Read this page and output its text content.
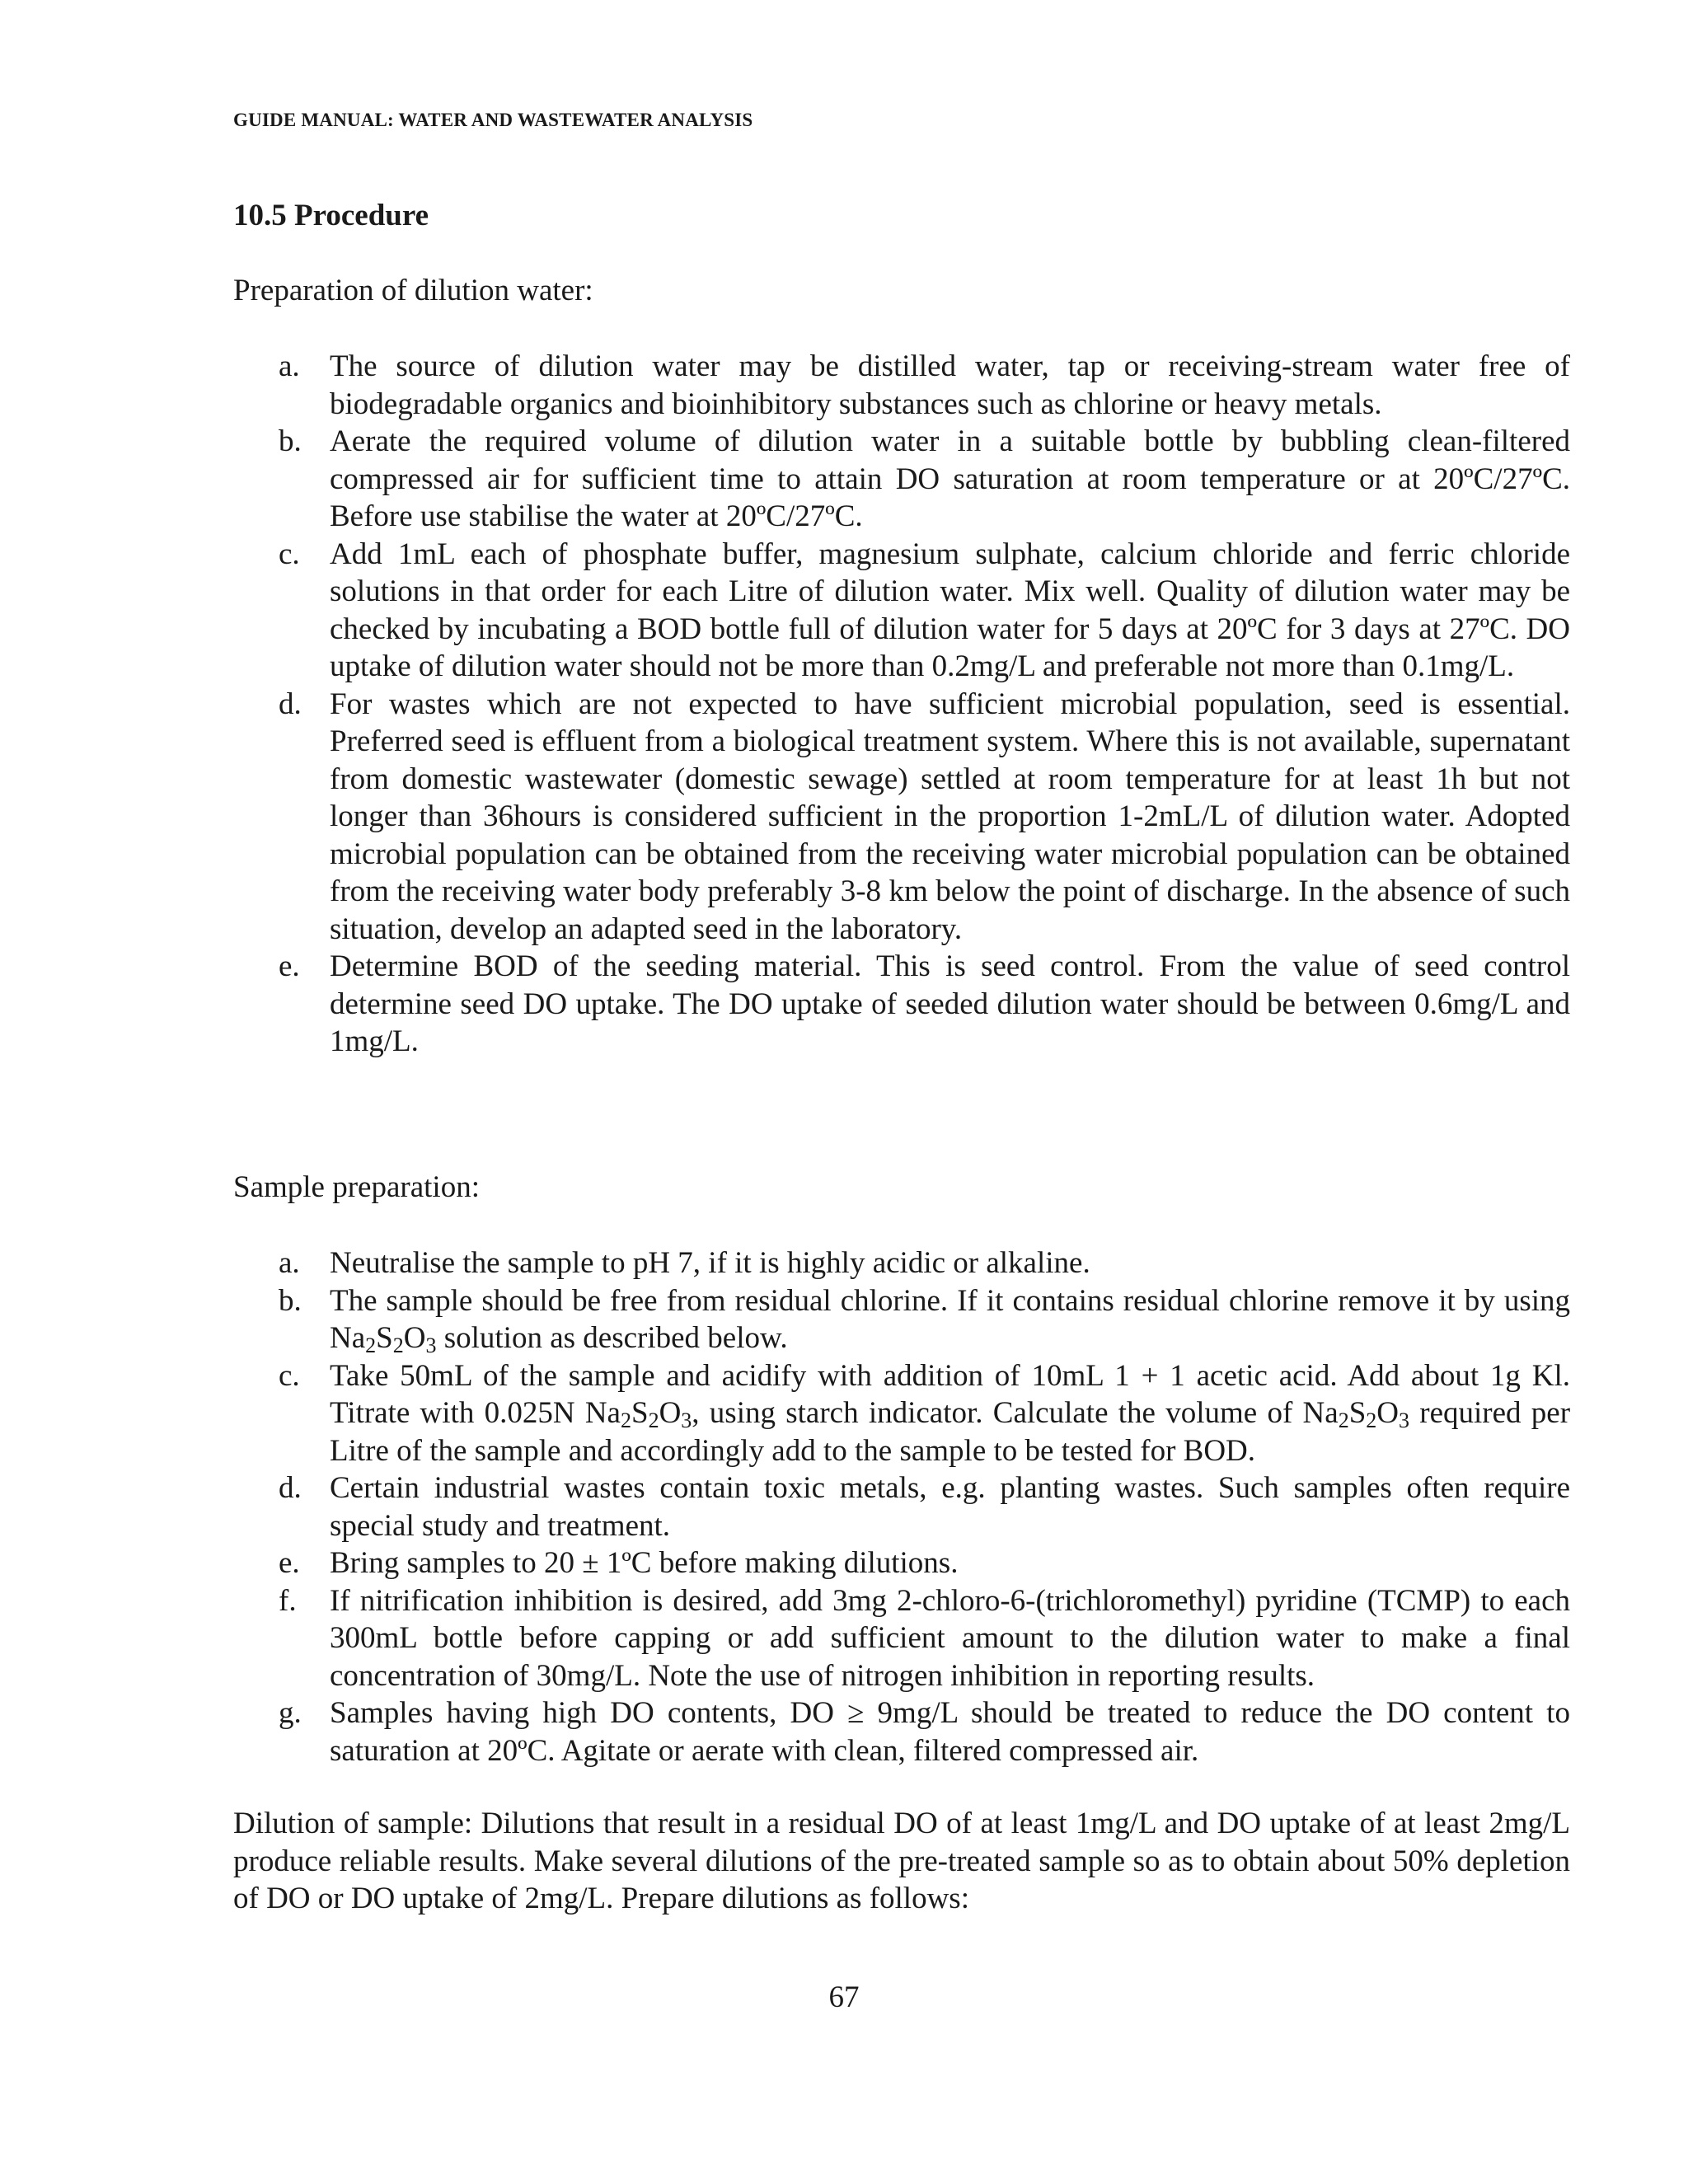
GUIDE MANUAL: WATER AND WASTEWATER ANALYSIS
10.5 Procedure
Preparation of dilution water:
a. The source of dilution water may be distilled water, tap or receiving-stream water free of biodegradable organics and bioinhibitory substances such as chlorine or heavy metals.
b. Aerate the required volume of dilution water in a suitable bottle by bubbling clean-filtered compressed air for sufficient time to attain DO saturation at room temperature or at 20ºC/27ºC. Before use stabilise the water at 20ºC/27ºC.
c. Add 1mL each of phosphate buffer, magnesium sulphate, calcium chloride and ferric chloride solutions in that order for each Litre of dilution water. Mix well. Quality of dilution water may be checked by incubating a BOD bottle full of dilution water for 5 days at 20ºC for 3 days at 27ºC. DO uptake of dilution water should not be more than 0.2mg/L and preferable not more than 0.1mg/L.
d. For wastes which are not expected to have sufficient microbial population, seed is essential. Preferred seed is effluent from a biological treatment system. Where this is not available, supernatant from domestic wastewater (domestic sewage) settled at room temperature for at least 1h but not longer than 36hours is considered sufficient in the proportion 1-2mL/L of dilution water. Adopted microbial population can be obtained from the receiving water microbial population can be obtained from the receiving water body preferably 3-8 km below the point of discharge. In the absence of such situation, develop an adapted seed in the laboratory.
e. Determine BOD of the seeding material. This is seed control. From the value of seed control determine seed DO uptake. The DO uptake of seeded dilution water should be between 0.6mg/L and 1mg/L.
Sample preparation:
a. Neutralise the sample to pH 7, if it is highly acidic or alkaline.
b. The sample should be free from residual chlorine. If it contains residual chlorine remove it by using $Na_2S_2O_3$ solution as described below.
c. Take 50mL of the sample and acidify with addition of 10mL 1 + 1 acetic acid. Add about 1g Kl. Titrate with 0.025N $Na_2S_2O_3$, using starch indicator. Calculate the volume of $Na_2S_2O_3$ required per Litre of the sample and accordingly add to the sample to be tested for BOD.
d. Certain industrial wastes contain toxic metals, e.g. planting wastes. Such samples often require special study and treatment.
e. Bring samples to 20 ± 1ºC before making dilutions.
f. If nitrification inhibition is desired, add 3mg 2-chloro-6-(trichloromethyl) pyridine (TCMP) to each 300mL bottle before capping or add sufficient amount to the dilution water to make a final concentration of 30mg/L. Note the use of nitrogen inhibition in reporting results.
g. Samples having high DO contents, DO ≥ 9mg/L should be treated to reduce the DO content to saturation at 20ºC. Agitate or aerate with clean, filtered compressed air.

Dilution of sample: Dilutions that result in a residual DO of at least 1mg/L and DO uptake of at least 2mg/L produce reliable results. Make several dilutions of the pre-treated sample so as to obtain about 50% depletion of DO or DO uptake of 2mg/L. Prepare dilutions as follows:

67
